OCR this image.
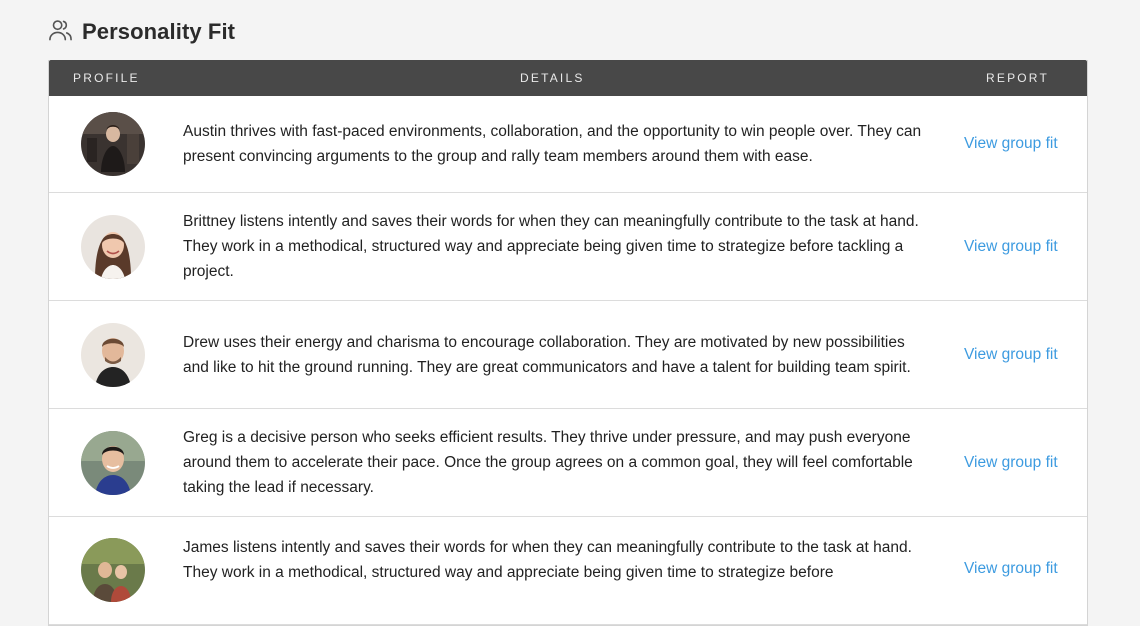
Personality Fit
PROFILE	DETAILS	REPORT
Austin thrives with fast-paced environments, collaboration, and the opportunity to win people over. They can present convincing arguments to the group and rally team members around them with ease.
View group fit
Brittney listens intently and saves their words for when they can meaningfully contribute to the task at hand. They work in a methodical, structured way and appreciate being given time to strategize before tackling a project.
View group fit
Drew uses their energy and charisma to encourage collaboration. They are motivated by new possibilities and like to hit the ground running. They are great communicators and have a talent for building team spirit.
View group fit
Greg is a decisive person who seeks efficient results. They thrive under pressure, and may push everyone around them to accelerate their pace. Once the group agrees on a common goal, they will feel comfortable taking the lead if necessary.
View group fit
James listens intently and saves their words for when they can meaningfully contribute to the task at hand. They work in a methodical, structured way and appreciate being given time to strategize before	View group fit
